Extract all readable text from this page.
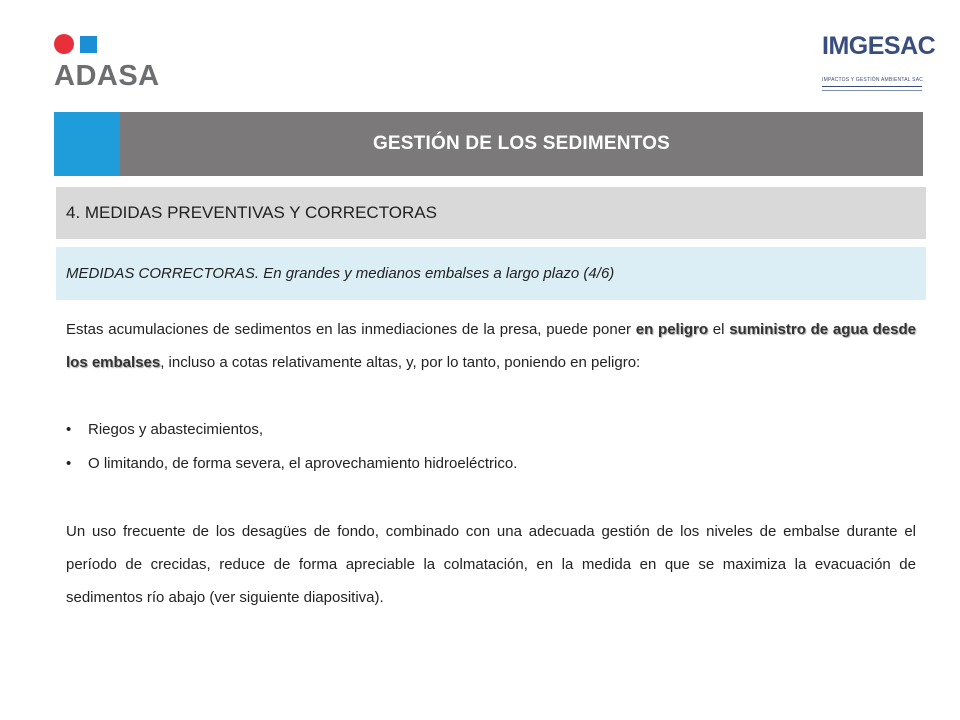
ADASA
IMGESAC
IMPACTOS Y GESTIÓN AMBIENTAL SAC
GESTIÓN DE LOS SEDIMENTOS
4. MEDIDAS PREVENTIVAS Y CORRECTORAS
MEDIDAS CORRECTORAS. En grandes y medianos embalses a largo plazo (4/6)

Estas acumulaciones de sedimentos en las inmediaciones de la presa, puede poner en peligro el suministro de agua desde los embalses, incluso a cotas relativamente altas, y, por lo tanto, poniendo en peligro:

• Riegos y abastecimientos,
• O limitando, de forma severa, el aprovechamiento hidroeléctrico.

Un uso frecuente de los desagües de fondo, combinado con una adecuada gestión de los niveles de embalse durante el período de crecidas, reduce de forma apreciable la colmatación, en la medida en que se maximiza la evacuación de sedimentos río abajo (ver siguiente diapositiva).
